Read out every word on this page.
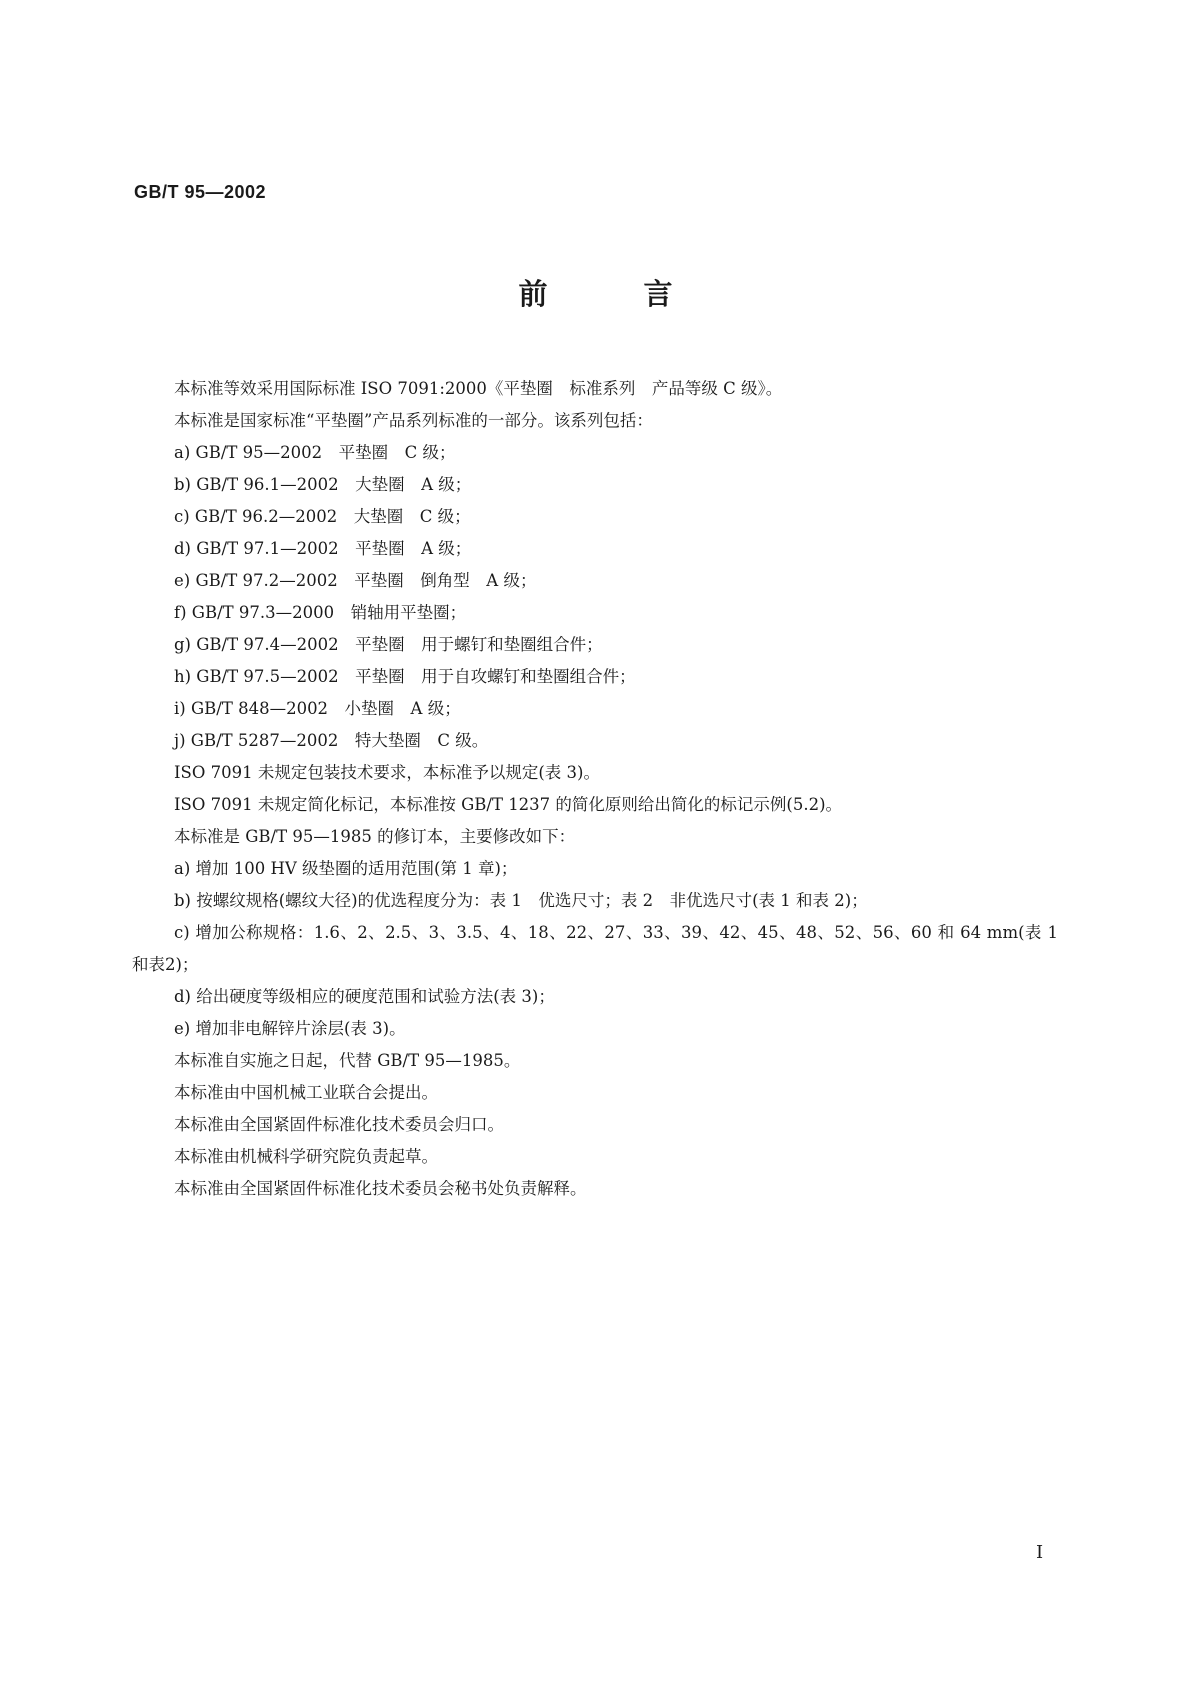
GB/T 95—2002
前	言

本标准等效采用国际标准 ISO 7091:2000《平垫圈　标准系列　产品等级 C 级》。

本标准是国家标准“平垫圈”产品系列标准的一部分。该系列包括：

a) GB/T 95—2002　平垫圈　C 级；

b) GB/T 96.1—2002　大垫圈　A 级；

c) GB/T 96.2—2002　大垫圈　C 级；

d) GB/T 97.1—2002　平垫圈　A 级；

e) GB/T 97.2—2002　平垫圈　倒角型　A 级；

f) GB/T 97.3—2000　销轴用平垫圈；

g) GB/T 97.4—2002　平垫圈　用于螺钉和垫圈组合件；

h) GB/T 97.5—2002　平垫圈　用于自攻螺钉和垫圈组合件；

i) GB/T 848—2002　小垫圈　A 级；

j) GB/T 5287—2002　特大垫圈　C 级。

ISO 7091 未规定包装技术要求，本标准予以规定(表 3)。

ISO 7091 未规定简化标记，本标准按 GB/T 1237 的简化原则给出简化的标记示例(5.2)。

本标准是 GB/T 95—1985 的修订本，主要修改如下：

a) 增加 100 HV 级垫圈的适用范围(第 1 章)；

b) 按螺纹规格(螺纹大径)的优选程度分为：表 1　优选尺寸；表 2　非优选尺寸(表 1 和表 2)；

c) 增加公称规格：1.6、2、2.5、3、3.5、4、18、22、27、33、39、42、45、48、52、56、60 和 64 mm(表 1 和表2)；

d) 给出硬度等级相应的硬度范围和试验方法(表 3)；

e) 增加非电解锌片涂层(表 3)。

本标准自实施之日起，代替 GB/T 95—1985。

本标准由中国机械工业联合会提出。

本标准由全国紧固件标准化技术委员会归口。

本标准由机械科学研究院负责起草。

本标准由全国紧固件标准化技术委员会秘书处负责解释。

I
